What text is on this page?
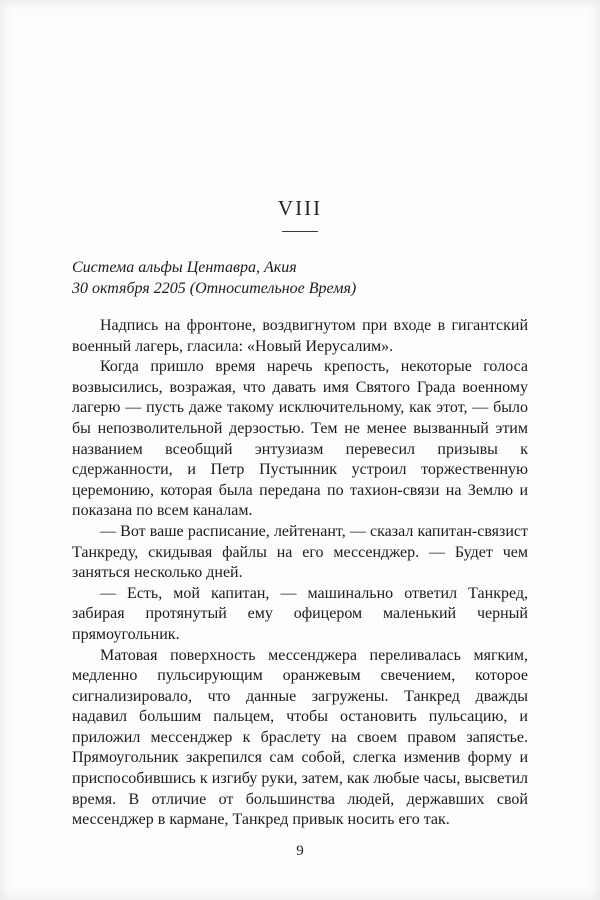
VIII
Система альфы Центавра, Акия
30 октября 2205 (Относительное Время)

Надпись на фронтоне, воздвигнутом при входе в гигантский военный лагерь, гласила: «Новый Иерусалим».

Когда пришло время наречь крепость, некоторые голоса возвысились, возражая, что давать имя Святого Града военному лагерю — пусть даже такому исключительному, как этот, — было бы непозволительной дерзостью. Тем не менее вызванный этим названием всеобщий энтузиазм перевесил призывы к сдержанности, и Петр Пустынник устроил торжественную церемонию, которая была передана по тахион-связи на Землю и показана по всем каналам.

— Вот ваше расписание, лейтенант, — сказал капитан-связист Танкреду, скидывая файлы на его мессенджер. — Будет чем заняться несколько дней.

— Есть, мой капитан, — машинально ответил Танкред, забирая протянутый ему офицером маленький черный прямоугольник.

Матовая поверхность мессенджера переливалась мягким, медленно пульсирующим оранжевым свечением, которое сигнализировало, что данные загружены. Танкред дважды надавил большим пальцем, чтобы остановить пульсацию, и приложил мессенджер к браслету на своем правом запястье. Прямоугольник закрепился сам собой, слегка изменив форму и приспособившись к изгибу руки, затем, как любые часы, высветил время. В отличие от большинства людей, державших свой мессенджер в кармане, Танкред привык носить его так.

9
